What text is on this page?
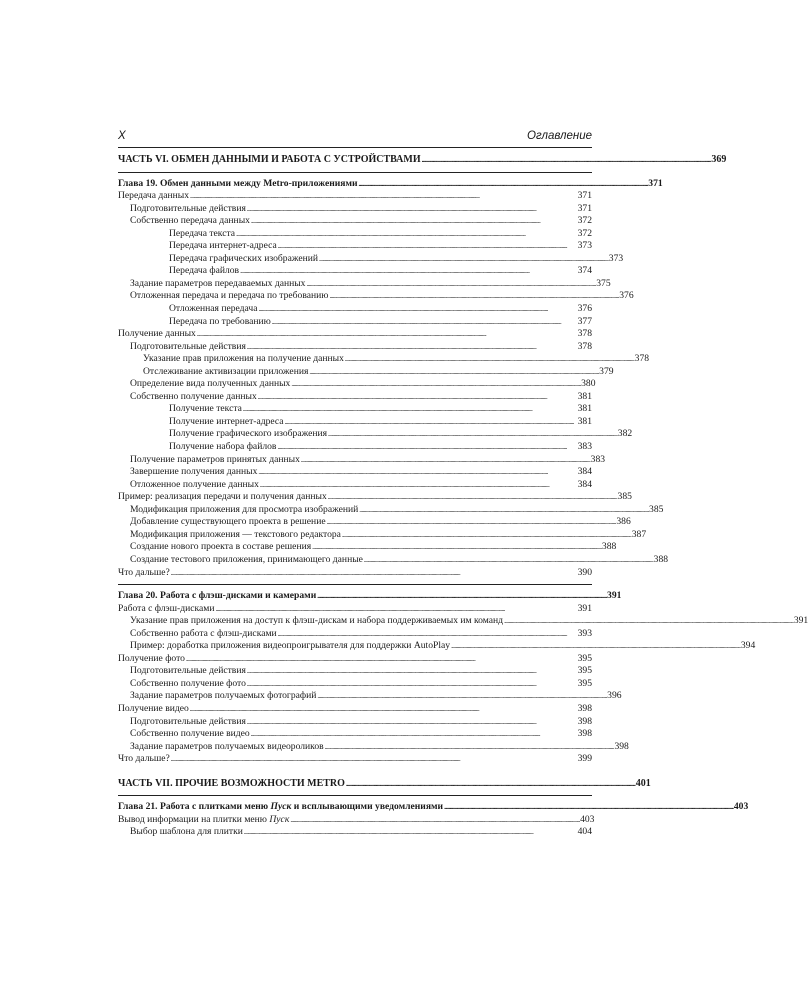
X	Оглавление
ЧАСТЬ VI. ОБМЕН ДАННЫМИ И РАБОТА С УСТРОЙСТВАМИ . . .	369
Глава 19. Обмен данными между Metro-приложениями . . .	371
Передача данных . . .	371
Подготовительные действия . . .	371
Собственно передача данных . . .	372
Передача текста . . .	372
Передача интернет-адреса . . .	373
Передача графических изображений . . .	373
Передача файлов . . .	374
Задание параметров передаваемых данных . . .	375
Отложенная передача и передача по требованию . . .	376
Отложенная передача . . .	376
Передача по требованию . . .	377
Получение данных . . .	378
Подготовительные действия . . .	378
Указание прав приложения на получение данных . . .	378
Отслеживание активизации приложения . . .	379
Определение вида полученных данных . . .	380
Собственно получение данных . . .	381
Получение текста . . .	381
Получение интернет-адреса . . .	381
Получение графического изображения . . .	382
Получение набора файлов . . .	383
Получение параметров принятых данных . . .	383
Завершение получения данных . . .	384
Отложенное получение данных . . .	384
Пример: реализация передачи и получения данных . . .	385
Модификация приложения для просмотра изображений . . .	385
Добавление существующего проекта в решение . . .	386
Модификация приложения — текстового редактора . . .	387
Создание нового проекта в составе решения . . .	388
Создание тестового приложения, принимающего данные . . .	388
Что дальше? . . .	390
Глава 20. Работа с флэш-дисками и камерами . . .	391
Работа с флэш-дисками . . .	391
Указание прав приложения на доступ к флэш-дискам и набора поддерживаемых им команд . . .	391
Собственно работа с флэш-дисками . . .	393
Пример: доработка приложения видеопроигрывателя для поддержки AutoPlay . . .	394
Получение фото . . .	395
Подготовительные действия . . .	395
Собственно получение фото . . .	395
Задание параметров получаемых фотографий . . .	396
Получение видео . . .	398
Подготовительные действия . . .	398
Собственно получение видео . . .	398
Задание параметров получаемых видеороликов . . .	398
Что дальше? . . .	399
ЧАСТЬ VII. ПРОЧИЕ ВОЗМОЖНОСТИ METRO . . .	401
Глава 21. Работа с плитками меню Пуск и всплывающими уведомлениями . . .	403
Вывод информации на плитки меню Пуск . . .	403
Выбор шаблона для плитки . . .	404
